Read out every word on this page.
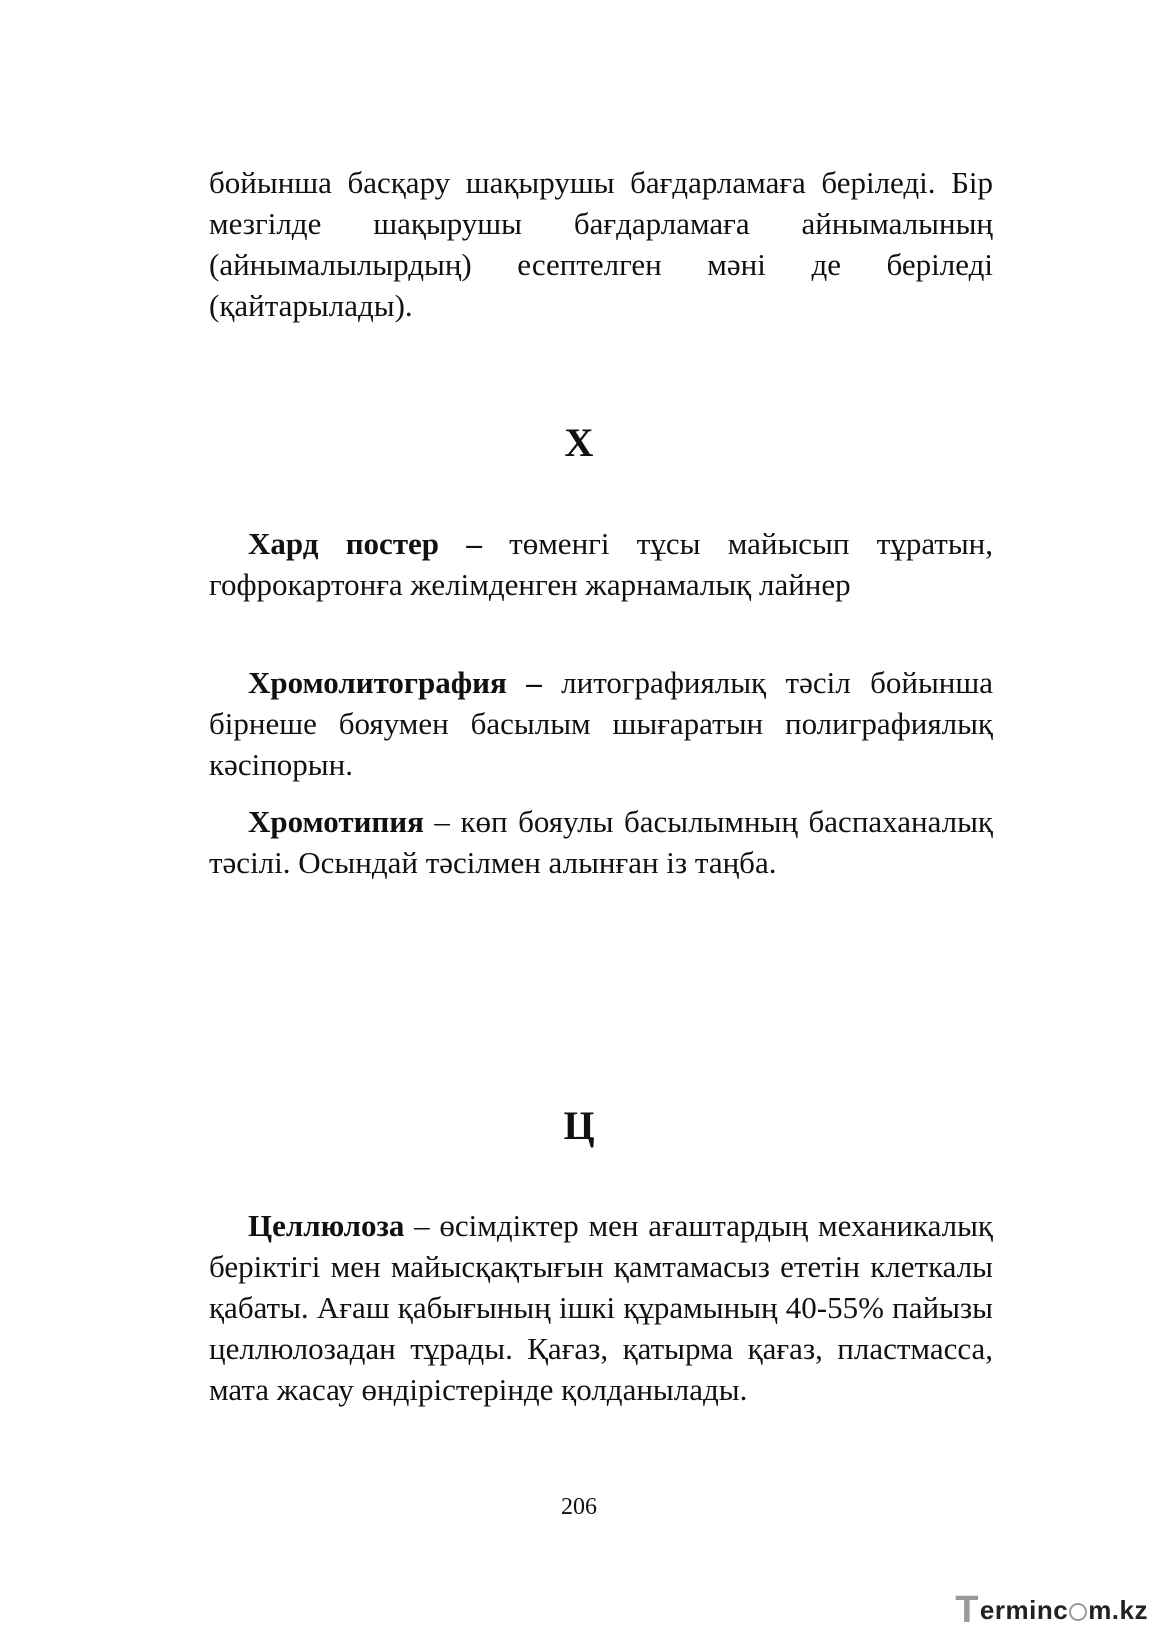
бойынша басқару шақырушы бағдарламаға беріледі. Бір мезгілде шақырушы бағдарламаға айнымалының (айнымалылырдың) есептелген мәні де беріледі (қайтарылады).

Х

Хард постер – төменгі тұсы майысып тұратын, гофрокартонға желімденген жарнамалық лайнер

Хромолитография – литографиялық тәсіл бойынша бірнеше бояумен басылым шығаратын полиграфиялық кәсіпорын.

Хромотипия – көп бояулы басылымның баспаханалық тәсілі. Осындай тәсілмен алынған із таңба.

Ц

Целлюлоза – өсімдіктер мен ағаштардың механикалық беріктігі мен майысқақтығын қамтамасыз ететін клеткалы қабаты. Ағаш қабығының ішкі құрамының 40-55% пайызы целлюлозадан тұрады. Қағаз, қатырма қағаз, пластмасса, мата жасау өндірістерінде қолданылады.

206
T erminc m.kz
